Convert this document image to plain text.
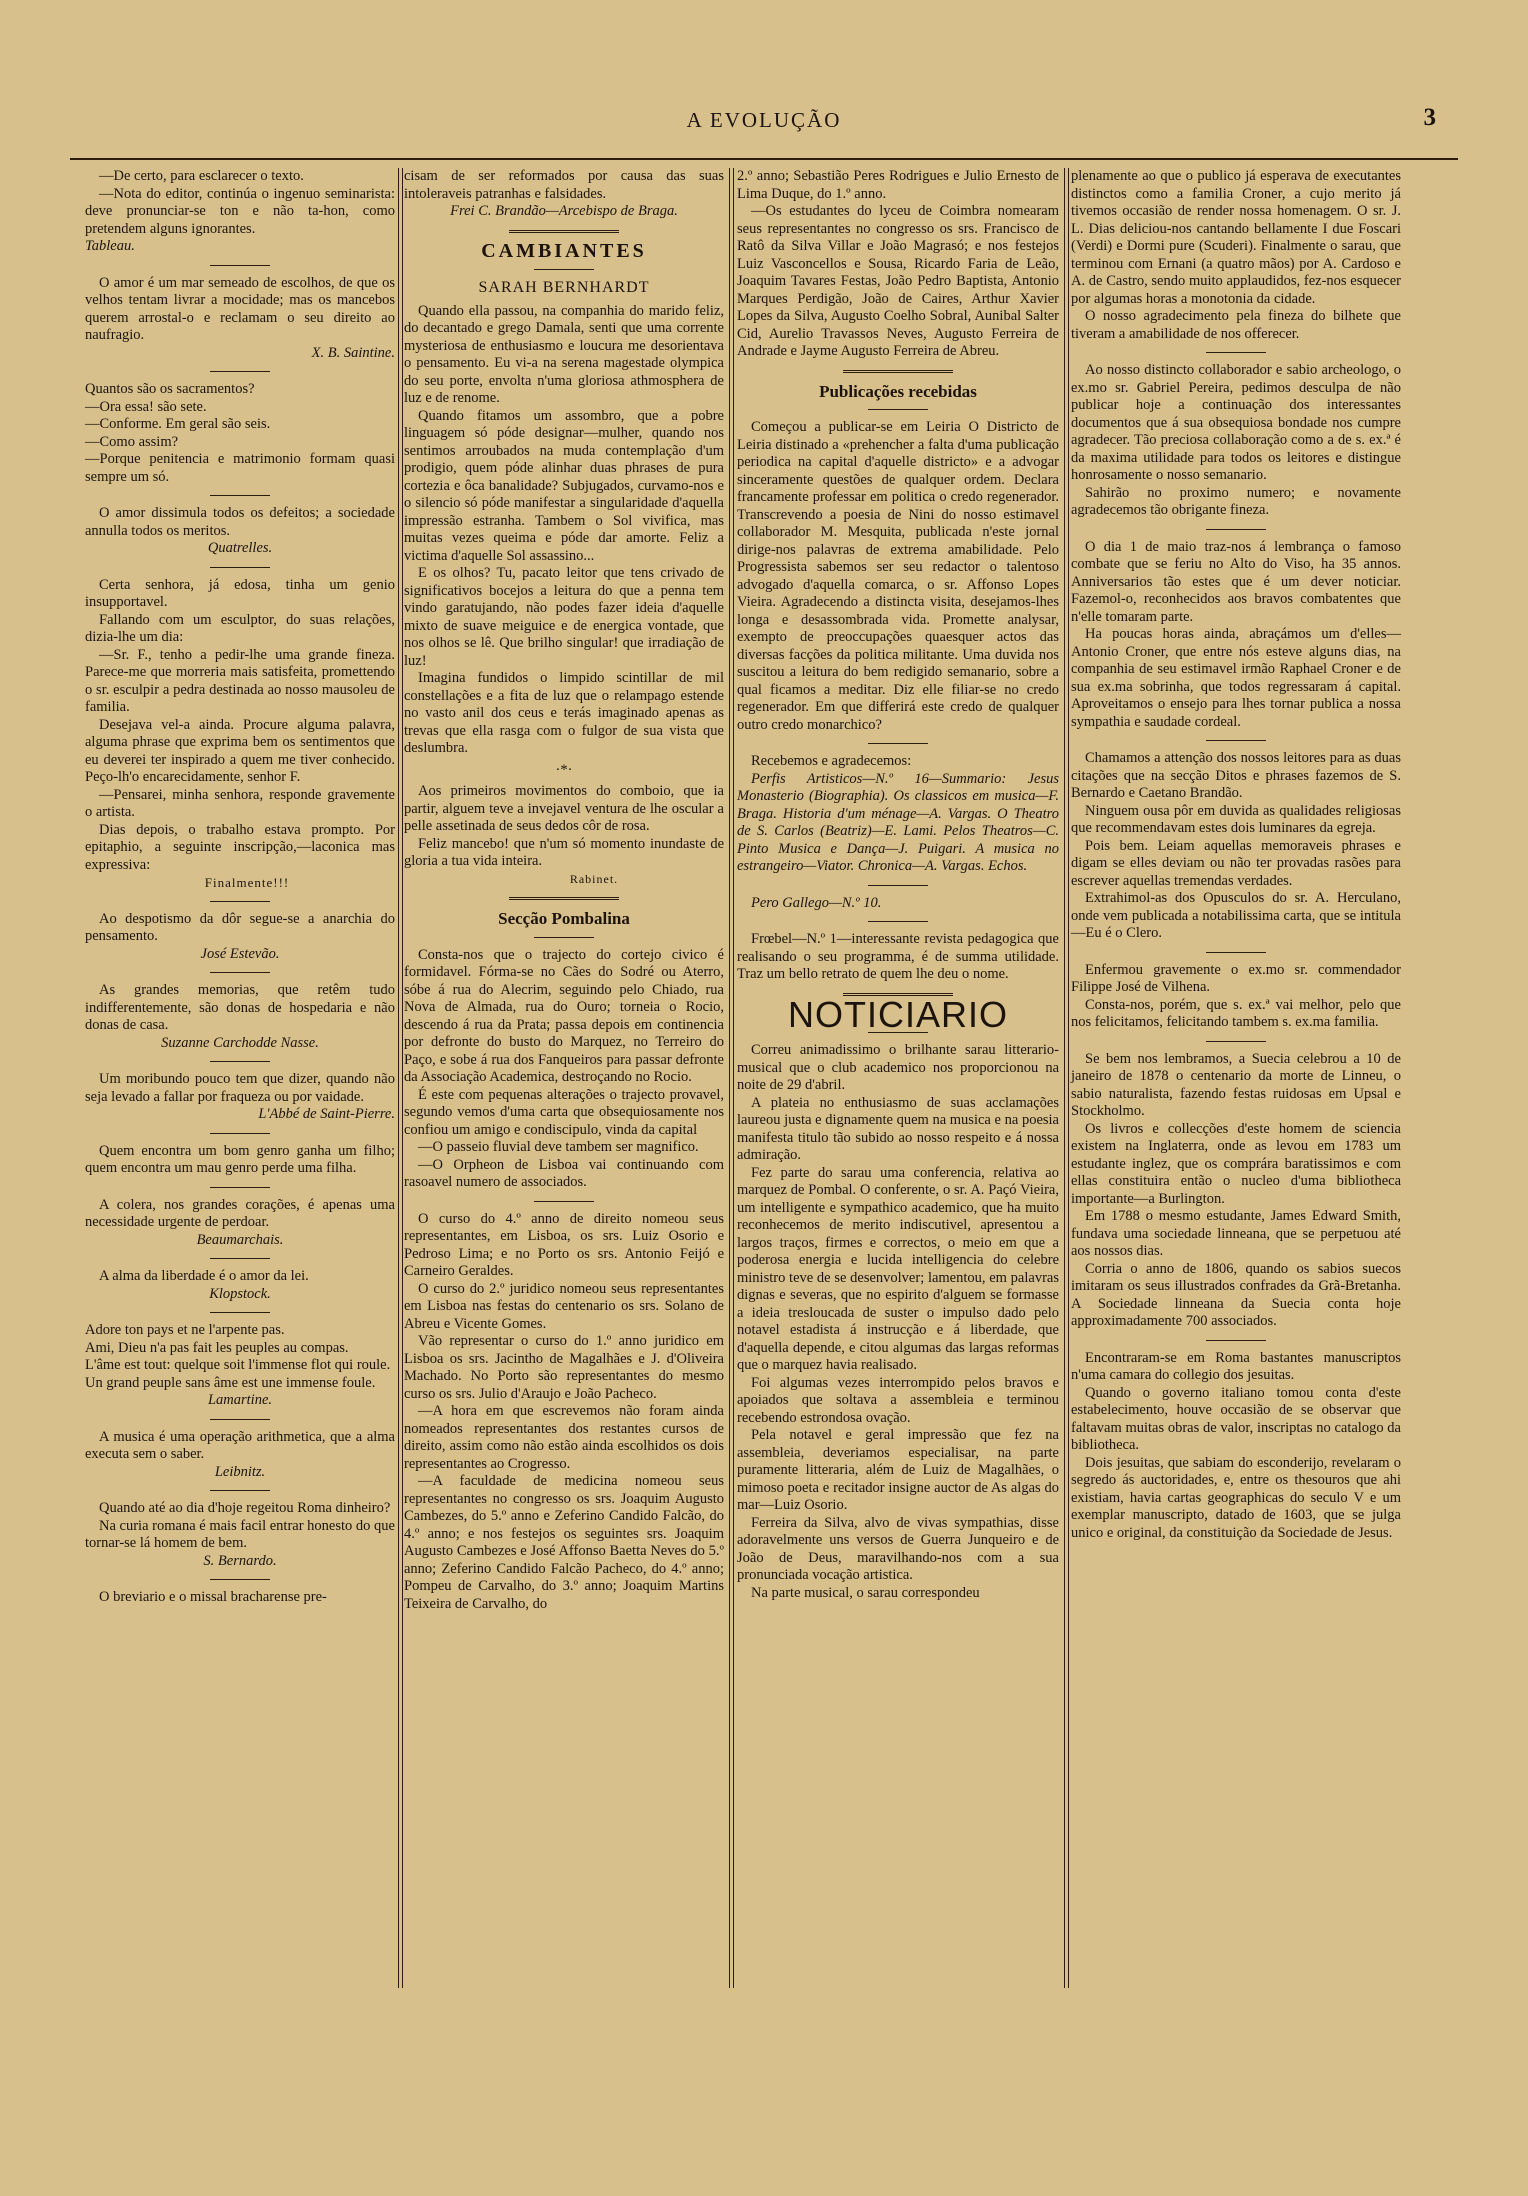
A EVOLUÇÃO	3

—De certo, para esclarecer o texto.

—Nota do editor, continúa o ingenuo seminarista: deve pronunciar-se ton e não ta-hon, como pretendem alguns ignorantes.

Tableau.

O amor é um mar semeado de escolhos, de que os velhos tentam livrar a mocidade; mas os mancebos querem arrostal-o e reclamam o seu direito ao naufragio.

X. B. Saintine.

Quantos são os sacramentos?
—Ora essa! são sete.
—Conforme. Em geral são seis.
—Como assim?
—Porque penitencia e matrimonio formam quasi sempre um só.

O amor dissimula todos os defeitos; a sociedade annulla todos os meritos.

Quatrelles.

Certa senhora, já edosa, tinha um genio insupportavel.

Fallando com um esculptor, do suas relações, dizia-lhe um dia:

—Sr. F., tenho a pedir-lhe uma grande fineza. Parece-me que morreria mais satisfeita, promettendo o sr. esculpir a pedra destinada ao nosso mausoleu de familia.

Desejava vel-a ainda. Procure alguma palavra, alguma phrase que exprima bem os sentimentos que eu deverei ter inspirado a quem me tiver conhecido. Peço-lh'o encarecidamente, senhor F.

—Pensarei, minha senhora, responde gravemente o artista.

Dias depois, o trabalho estava prompto. Por epitaphio, a seguinte inscripção,—laconica mas expressiva:

Finalmente!!!

Ao despotismo da dôr segue-se a anarchia do pensamento.

José Estevão.

As grandes memorias, que retêm tudo indifferentemente, são donas de hospedaria e não donas de casa.

Suzanne Carchodde Nasse.

Um moribundo pouco tem que dizer, quando não seja levado a fallar por fraqueza ou por vaidade.

L'Abbé de Saint-Pierre.

Quem encontra um bom genro ganha um filho; quem encontra um mau genro perde uma filha.

A colera, nos grandes corações, é apenas uma necessidade urgente de perdoar.

Beaumarchais.

A alma da liberdade é o amor da lei.

Klopstock.

Adore ton pays et ne l'arpente pas.
Ami, Dieu n'a pas fait les peuples au compas.
L'âme est tout: quelque soit l'immense flot qui roule.
Un grand peuple sans âme est une immense foule.

Lamartine.

A musica é uma operação arithmetica, que a alma executa sem o saber.

Leibnitz.

Quando até ao dia d'hoje regeitou Roma dinheiro?

Na curia romana é mais facil entrar honesto do que tornar-se lá homem de bem.

S. Bernardo.

O breviario e o missal bracharense pre-

cisam de ser reformados por causa das suas intoleraveis patranhas e falsidades.

Frei C. Brandão—Arcebispo de Braga.

CAMBIANTES
SARAH BERNHARDT

Quando ella passou, na companhia do marido feliz, do decantado e grego Damala, senti que uma corrente mysteriosa de enthusiasmo e loucura me desorientava o pensamento. Eu vi-a na serena magestade olympica do seu porte, envolta n'uma gloriosa athmosphera de luz e de renome.

Quando fitamos um assombro, que a pobre linguagem só póde designar—mulher, quando nos sentimos arroubados na muda contemplação d'um prodigio, quem póde alinhar duas phrases de pura cortezia e ôca banalidade? Subjugados, curvamo-nos e o silencio só póde manifestar a singularidade d'aquella impressão estranha. Tambem o Sol vivifica, mas muitas vezes queima e póde dar amorte. Feliz a victima d'aquelle Sol assassino...

E os olhos? Tu, pacato leitor que tens crivado de significativos bocejos a leitura do que a penna tem vindo garatujando, não podes fazer ideia d'aquelle mixto de suave meiguice e de energica vontade, que nos olhos se lê. Que brilho singular! que irradiação de luz!

Imagina fundidos o limpido scintillar de mil constellações e a fita de luz que o relampago estende no vasto anil dos ceus e terás imaginado apenas as trevas que ella rasga com o fulgor de sua vista que deslumbra.

·*·

Aos primeiros movimentos do comboio, que ia partir, alguem teve a invejavel ventura de lhe oscular a pelle assetinada de seus dedos côr de rosa.

Feliz mancebo! que n'um só momento inundaste de gloria a tua vida inteira.

Rabinet.

Secção Pombalina

Consta-nos que o trajecto do cortejo civico é formidavel. Fórma-se no Cães do Sodré ou Aterro, sóbe á rua do Alecrim, seguindo pelo Chiado, rua Nova de Almada, rua do Ouro; torneia o Rocio, descendo á rua da Prata; passa depois em continencia por defronte do busto do Marquez, no Terreiro do Paço, e sobe á rua dos Fanqueiros para passar defronte da Associação Academica, destroçando no Rocio.

É este com pequenas alterações o trajecto provavel, segundo vemos d'uma carta que obsequiosamente nos confiou um amigo e condiscipulo, vinda da capital

—O passeio fluvial deve tambem ser magnifico.

—O Orpheon de Lisboa vai continuando com rasoavel numero de associados.

O curso do 4.º anno de direito nomeou seus representantes, em Lisboa, os srs. Luiz Osorio e Pedroso Lima; e no Porto os srs. Antonio Feijó e Carneiro Geraldes.

O curso do 2.º juridico nomeou seus representantes em Lisboa nas festas do centenario os srs. Solano de Abreu e Vicente Gomes.

Vão representar o curso do 1.º anno juridico em Lisboa os srs. Jacintho de Magalhães e J. d'Oliveira Machado. No Porto são representantes do mesmo curso os srs. Julio d'Araujo e João Pacheco.

—A hora em que escrevemos não foram ainda nomeados representantes dos restantes cursos de direito, assim como não estão ainda escolhidos os dois representantes ao Crogresso.

—A faculdade de medicina nomeou seus representantes no congresso os srs. Joaquim Augusto Cambezes, do 5.º anno e Zeferino Candido Falcão, do 4.º anno; e nos festejos os seguintes srs. Joaquim Augusto Cambezes e José Affonso Baetta Neves do 5.º anno; Zeferino Candido Falcão Pacheco, do 4.º anno; Pompeu de Carvalho, do 3.º anno; Joaquim Martins Teixeira de Carvalho, do

2.º anno; Sebastião Peres Rodrigues e Julio Ernesto de Lima Duque, do 1.º anno.

—Os estudantes do lyceu de Coimbra nomearam seus representantes no congresso os srs. Francisco de Ratô da Silva Villar e João Magrasó; e nos festejos Luiz Vasconcellos e Sousa, Ricardo Faria de Leão, Joaquim Tavares Festas, João Pedro Baptista, Antonio Marques Perdigão, João de Caires, Arthur Xavier Lopes da Silva, Augusto Coelho Sobral, Aunibal Salter Cid, Aurelio Travassos Neves, Augusto Ferreira de Andrade e Jayme Augusto Ferreira de Abreu.

Publicações recebidas

Começou a publicar-se em Leiria O Districto de Leiria distinado a «prehencher a falta d'uma publicação periodica na capital d'aquelle districto» e a advogar sinceramente questões de qualquer ordem. Declara francamente professar em politica o credo regenerador. Transcrevendo a poesia de Nini do nosso estimavel collaborador M. Mesquita, publicada n'este jornal dirige-nos palavras de extrema amabilidade. Pelo Progressista sabemos ser seu redactor o talentoso advogado d'aquella comarca, o sr. Affonso Lopes Vieira. Agradecendo a distincta visita, desejamos-lhes longa e desassombrada vida. Promette analysar, exempto de preoccupações quaesquer actos das diversas facções da politica militante. Uma duvida nos suscitou a leitura do bem redigido semanario, sobre a qual ficamos a meditar. Diz elle filiar-se no credo regenerador. Em que differirá este credo de qualquer outro credo monarchico?

Recebemos e agradecemos:

Perfis Artisticos—N.º 16—Summario: Jesus Monasterio (Biographia). Os classicos em musica—F. Braga. Historia d'um ménage—A. Vargas. O Theatro de S. Carlos (Beatriz)—E. Lami. Pelos Theatros—C. Pinto Musica e Dança—J. Puigari. A musica no estrangeiro—Viator. Chronica—A. Vargas. Echos.

Pero Gallego—N.º 10.

Frœbel—N.º 1—interessante revista pedagogica que realisando o seu programma, é de summa utilidade. Traz um bello retrato de quem lhe deu o nome.

NOTICIARIO

Correu animadissimo o brilhante sarau litterario-musical que o club academico nos proporcionou na noite de 29 d'abril.

A plateia no enthusiasmo de suas acclamações laureou justa e dignamente quem na musica e na poesia manifesta titulo tão subido ao nosso respeito e á nossa admiração.

Fez parte do sarau uma conferencia, relativa ao marquez de Pombal. O conferente, o sr. A. Paçó Vieira, um intelligente e sympathico academico, que ha muito reconhecemos de merito indiscutivel, apresentou a largos traços, firmes e correctos, o meio em que a poderosa energia e lucida intelligencia do celebre ministro teve de se desenvolver; lamentou, em palavras dignas e severas, que no espirito d'alguem se formasse a ideia tresloucada de suster o impulso dado pelo notavel estadista á instrucção e á liberdade, que d'aquella depende, e citou algumas das largas reformas que o marquez havia realisado.

Foi algumas vezes interrompido pelos bravos e apoiados que soltava a assembleia e terminou recebendo estrondosa ovação.

Pela notavel e geral impressão que fez na assembleia, deveriamos especialisar, na parte puramente litteraria, além de Luiz de Magalhães, o mimoso poeta e recitador insigne auctor de As algas do mar—Luiz Osorio.

Ferreira da Silva, alvo de vivas sympathias, disse adoravelmente uns versos de Guerra Junqueiro e de João de Deus, maravilhando-nos com a sua pronunciada vocação artistica.

Na parte musical, o sarau correspondeu

plenamente ao que o publico já esperava de executantes distinctos como a familia Croner, a cujo merito já tivemos occasião de render nossa homenagem. O sr. J. L. Dias deliciou-nos cantando bellamente I due Foscari (Verdi) e Dormi pure (Scuderi). Finalmente o sarau, que terminou com Ernani (a quatro mãos) por A. Cardoso e A. de Castro, sendo muito applaudidos, fez-nos esquecer por algumas horas a monotonia da cidade.

O nosso agradecimento pela fineza do bilhete que tiveram a amabilidade de nos offerecer.

Ao nosso distincto collaborador e sabio archeologo, o ex.mo sr. Gabriel Pereira, pedimos desculpa de não publicar hoje a continuação dos interessantes documentos que á sua obsequiosa bondade nos cumpre agradecer. Tão preciosa collaboração como a de s. ex.ª é da maxima utilidade para todos os leitores e distingue honrosamente o nosso semanario.

Sahirão no proximo numero; e novamente agradecemos tão obrigante fineza.

O dia 1 de maio traz-nos á lembrança o famoso combate que se feriu no Alto do Viso, ha 35 annos. Anniversarios tão estes que é um dever noticiar. Fazemol-o, reconhecidos aos bravos combatentes que n'elle tomaram parte.

Ha poucas horas ainda, abraçámos um d'elles—Antonio Croner, que entre nós esteve alguns dias, na companhia de seu estimavel irmão Raphael Croner e de sua ex.ma sobrinha, que todos regressaram á capital. Aproveitamos o ensejo para lhes tornar publica a nossa sympathia e saudade cordeal.

Chamamos a attenção dos nossos leitores para as duas citações que na secção Ditos e phrases fazemos de S. Bernardo e Caetano Brandão.

Ninguem ousa pôr em duvida as qualidades religiosas que recommendavam estes dois luminares da egreja.

Pois bem. Leiam aquellas memoraveis phrases e digam se elles deviam ou não ter provadas rasões para escrever aquellas tremendas verdades.

Extrahimol-as dos Opusculos do sr. A. Herculano, onde vem publicada a notabilissima carta, que se intitula—Eu é o Clero.

Enfermou gravemente o ex.mo sr. commendador Filippe José de Vilhena.

Consta-nos, porém, que s. ex.ª vai melhor, pelo que nos felicitamos, felicitando tambem s. ex.ma familia.

Se bem nos lembramos, a Suecia celebrou a 10 de janeiro de 1878 o centenario da morte de Linneu, o sabio naturalista, fazendo festas ruidosas em Upsal e Stockholmo.

Os livros e collecções d'este homem de sciencia existem na Inglaterra, onde as levou em 1783 um estudante inglez, que os comprára baratissimos e com ellas constituira então o nucleo d'uma bibliotheca importante—a Burlington.

Em 1788 o mesmo estudante, James Edward Smith, fundava uma sociedade linneana, que se perpetuou até aos nossos dias.

Corria o anno de 1806, quando os sabios suecos imitaram os seus illustrados confrades da Grã-Bretanha. A Sociedade linneana da Suecia conta hoje approximadamente 700 associados.

Encontraram-se em Roma bastantes manuscriptos n'uma camara do collegio dos jesuitas.

Quando o governo italiano tomou conta d'este estabelecimento, houve occasião de se observar que faltavam muitas obras de valor, inscriptas no catalogo da bibliotheca.

Dois jesuitas, que sabiam do esconderijo, revelaram o segredo ás auctoridades, e, entre os thesouros que ahi existiam, havia cartas geographicas do seculo V e um exemplar manuscripto, datado de 1603, que se julga unico e original, da constituição da Sociedade de Jesus.
